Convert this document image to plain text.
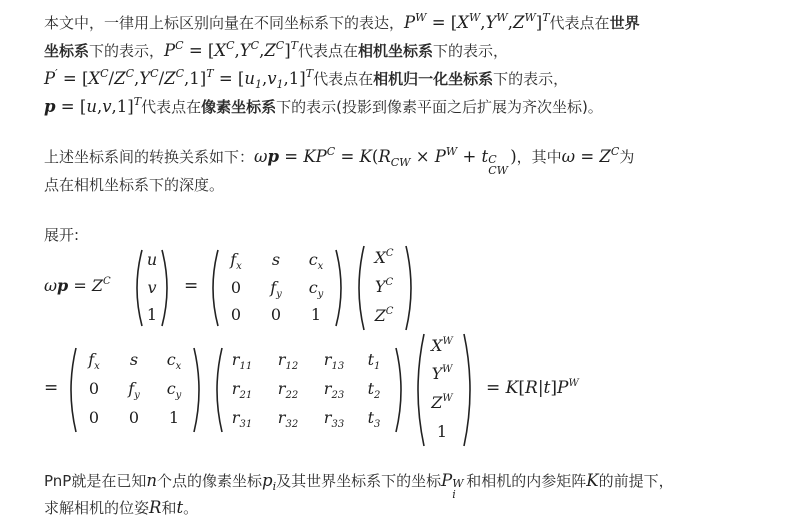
本文中，一律用上标区别向量在不同坐标系下的表达，$P^W = [X^W,Y^W,Z^W]^T$代表点在世界
坐标系下的表示，$P^C = [X^C,Y^C,Z^C]^T$代表点在相机坐标系下的表示，
$P' = [X^C/Z^C,Y^C/Z^C,1]^T = [u_1,v_1,1]^T$代表点在相机归一化坐标系下的表示，
$p = [u,v,1]^T$代表点在像素坐标系下的表示(投影到像素平面之后扩展为齐次坐标)。
上述坐标系间的转换关系如下：$\omega p = KP^C = K(R_{CW} \times P^W + t$ C
CW
)，其中$\omega = Z^C$为
点在相机坐标系下的深度。
展开:
$\omega p = Z^C$
u
v
1
=
$f_x$	s	$c_x$
0	$f_y$	$c_y$
0	0	1
$X^C$
$Y^C$
$Z^C$
=
$f_x$	s	$c_x$
0	$f_y$	$c_y$
0	0	1
$r_{11}$	$r_{12}$	$r_{13}$	$t_1$
$r_{21}$	$r_{22}$	$r_{23}$	$t_2$
$r_{31}$	$r_{32}$	$r_{33}$	$t_3$
$X^W$
$Y^W$
$Z^W$
1
= $K[R|t]P^W$
PnP就是在已知n个点的像素坐标$p_i$及其世界坐标系下的坐标P W
i
和相机的内参矩阵K的前提下，
求解相机的位姿R和t。
